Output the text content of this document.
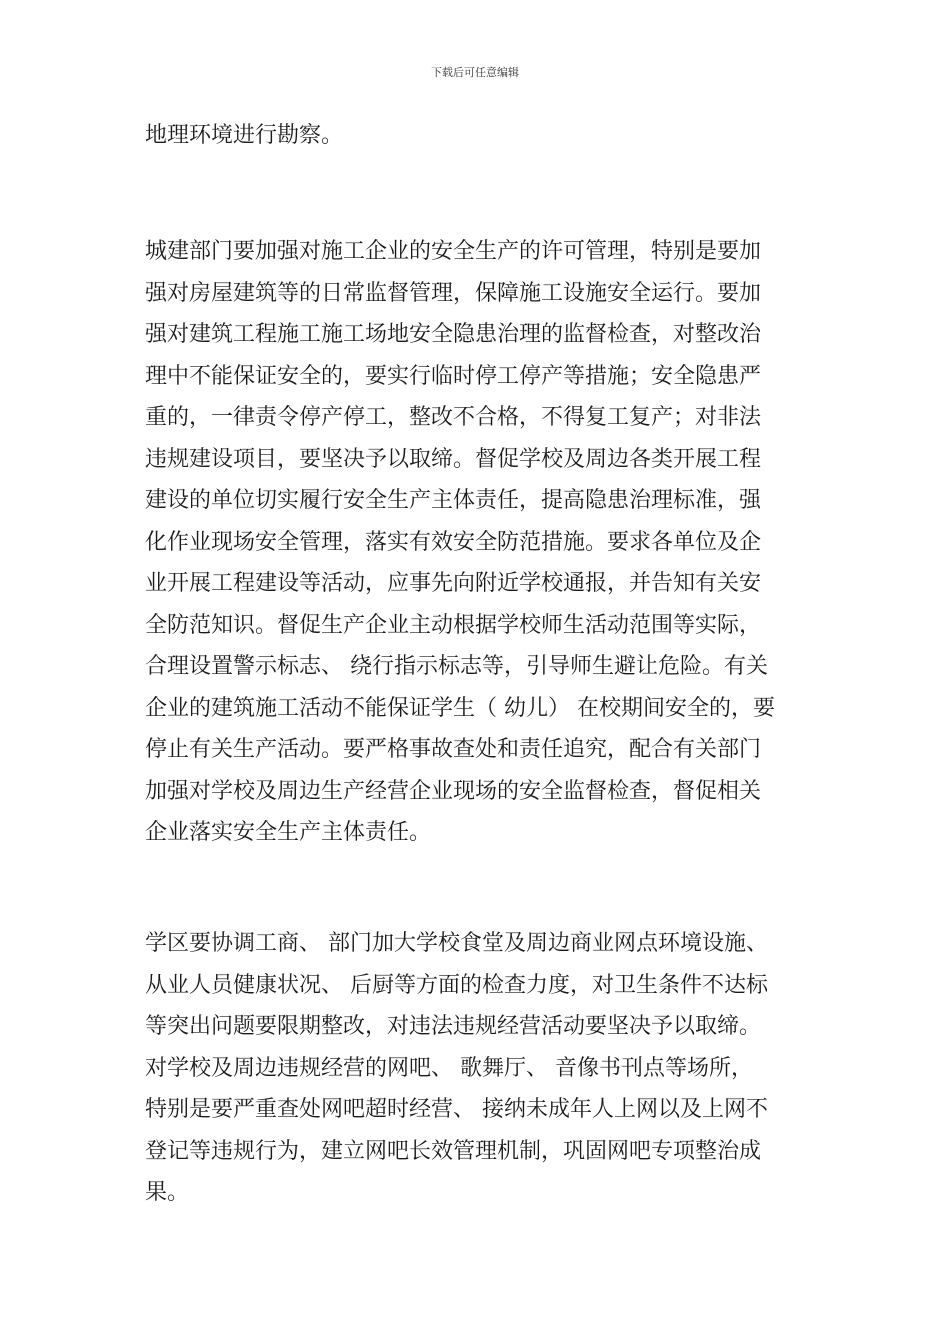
下载后可任意编辑
地理环境进行勘察。
城建部门要加强对施工企业的安全生产的许可管理，特别是要加
强对房屋建筑等的日常监督管理，保障施工设施安全运行。要加
强对建筑工程施工施工场地安全隐患治理的监督检查，对整改治
理中不能保证安全的，要实行临时停工停产等措施；安全隐患严
重的，一律责令停产停工，整改不合格，不得复工复产；对非法
违规建设项目，要坚决予以取缔。督促学校及周边各类开展工程
建设的单位切实履行安全生产主体责任，提高隐患治理标准，强
化作业现场安全管理，落实有效安全防范措施。要求各单位及企
业开展工程建设等活动，应事先向附近学校通报，并告知有关安
全防范知识。督促生产企业主动根据学校师生活动范围等实际，
合理设置警示标志、 绕行指示标志等，引导师生避让危险。有关
企业的建筑施工活动不能保证学生（ 幼儿） 在校期间安全的，要
停止有关生产活动。要严格事故查处和责任追究，配合有关部门
加强对学校及周边生产经营企业现场的安全监督检查，督促相关
企业落实安全生产主体责任。
学区要协调工商、 部门加大学校食堂及周边商业网点环境设施、
从业人员健康状况、 后厨等方面的检查力度，对卫生条件不达标
等突出问题要限期整改，对违法违规经营活动要坚决予以取缔。
对学校及周边违规经营的网吧、 歌舞厅、 音像书刊点等场所，
特别是要严重查处网吧超时经营、 接纳未成年人上网以及上网不
登记等违规行为，建立网吧长效管理机制，巩固网吧专项整治成
果。
